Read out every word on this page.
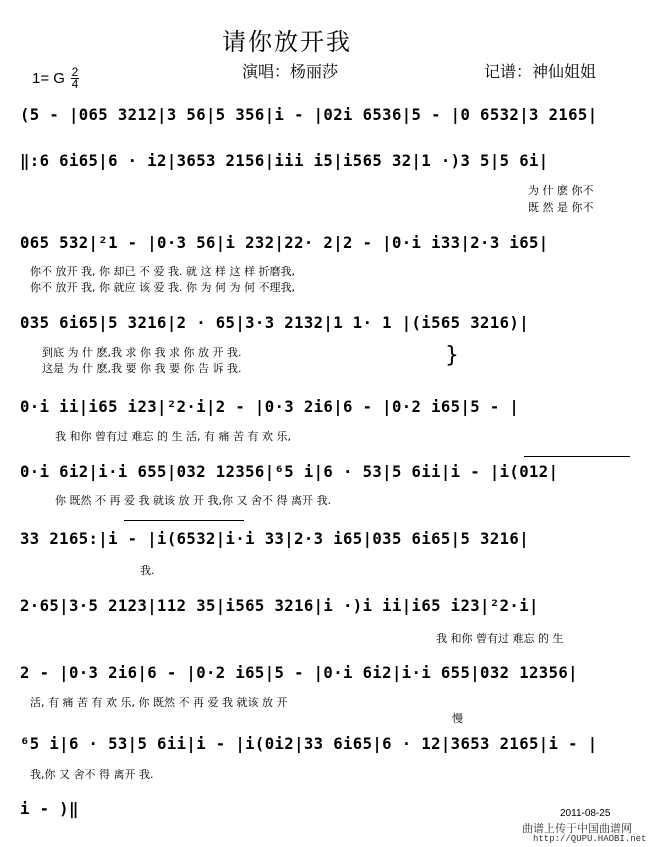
请你放开我
演唱：杨丽莎	记谱：神仙姐姐
1= G $\frac{2}{4}$
(5 - |065 3212|3 56|5 356|i - |02i 6536|5 - |0 6532|3 2165|
‖:6 6i65|6 · i2|3653 2156|iii i5|i565 32|1 ·)3 5|5 6i|
为 什 麽 你不
既 然 是 你不
065 532|²1 - |0·3 56|i 232|22· 2|2 - |0·i i33|2·3 i65|
你不 放开 我, 你 却已 不 爱 我. 就 这 样 这 样 折磨我,
你不 放开 我, 你 就应 该 爱 我. 你 为 何 为 何 不理我,
035 6i65|5 3216|2 · 65|3·3 2132|1 1· 1 |(i565 3216)|
到底 为 什 麽,我 求 你 我 求 你 放 开 我.
这是 为 什 麽,我 要 你 我 要 你 告 诉 我.
}
0·i ii|i65 i23|²2·i|2 - |0·3 2i6|6 - |0·2 i65|5 - |
我 和你 曾有过 难忘 的 生 活, 有 痛 苦 有 欢 乐,
0·i 6i2|i·i 655|032 12356|⁶5 i|6 · 53|5 6ii|i - |i(012|
你 既然 不 再 爱 我 就该 放 开 我,你 又 舍不 得 离开 我.
33 2165:|i - |i(6532|i·i 33|2·3 i65|035 6i65|5 3216|
我.
2·65|3·5 2123|112 35|i565 3216|i ·)i ii|i65 i23|²2·i|
我 和你 曾有过 难忘 的 生
2 - |0·3 2i6|6 - |0·2 i65|5 - |0·i 6i2|i·i 655|032 12356|
活, 有 痛 苦 有 欢 乐, 你 既然 不 再 爱 我 就该 放 开
慢
⁶5 i|6 · 53|5 6ii|i - |i(0i2|33 6i65|6 · 12|3653 2165|i - |
我,你 又 舍不 得 离开 我.
i - )‖	2011-08-25
曲谱上传于中国曲谱网
http://QUPU.HAOBI.net
